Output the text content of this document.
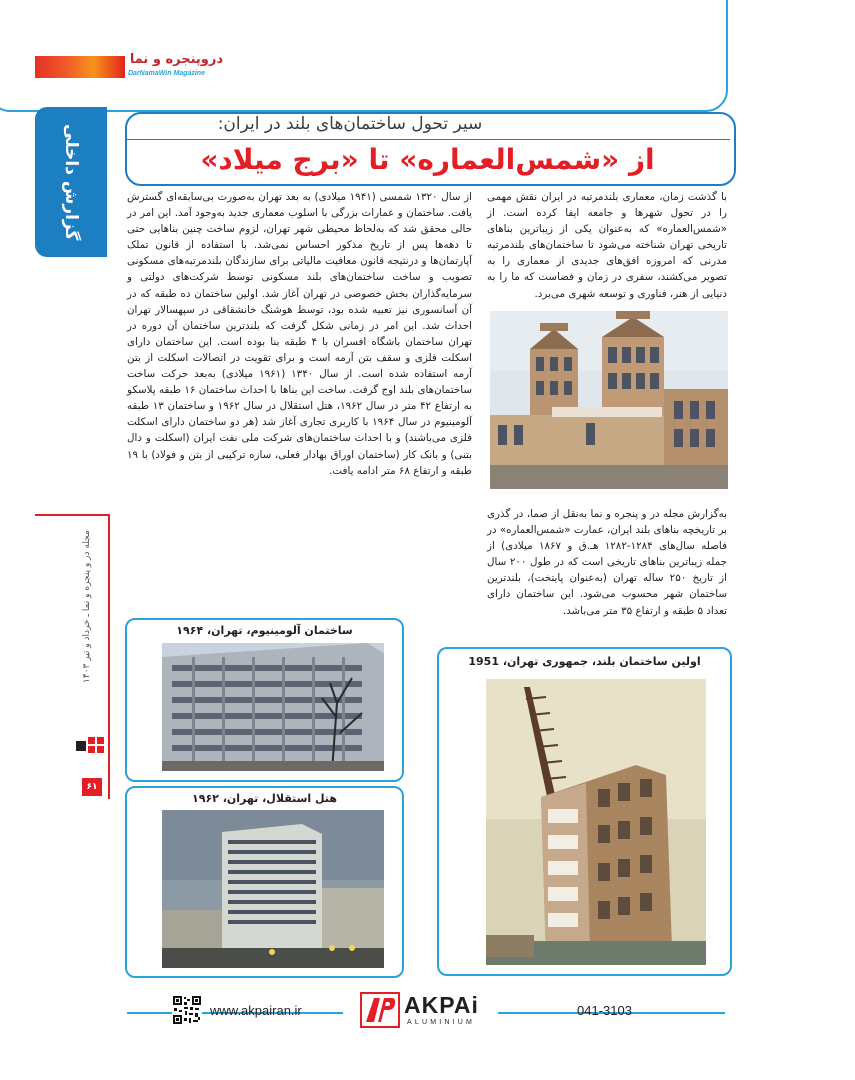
دروپنجره و نما
DarNamaWin Magazine
گزارش داخلی
مجله در و پنجره و نما ـ خرداد و تیر ۱۴۰۳
۶۱
سیر تحول ساختمان‌های بلند در ایران:
از «شمس‌العماره» تا «برج میلاد»
با گذشت زمان، معماری بلندمرتبه در ایران نقش مهمی را در تحول شهرها و جامعه ایفا کرده است. از «شمس‌العماره» که به‌عنوان یکی از زیباترین بناهای تاریخی تهران شناخته می‌شود تا ساختمان‌های بلندمرتبه مدرنی که امروزه افق‌های جدیدی از معماری را به تصویر می‌کشند، سفری در زمان و فضاست که ما را به دنیایی از هنر، فناوری و توسعه شهری می‌برد.
به‌گزارش مجله در و پنجره و نما به‌نقل از صما، در گذری بر تاریخچه بناهای بلند ایران، عمارت «شمس‌العماره» در فاصله سال‌های ۱۲۸۴-۱۲۸۲ هـ.ق و ۱۸۶۷ میلادی) از جمله زیباترین بناهای تاریخی است که در طول ۲۰۰ سال از تاریخ ۲۵۰ ساله تهران (به‌عنوان پایتخت)، بلندترین ساختمان شهر محسوب می‌شود. این ساختمان دارای تعداد ۵ طبقه و ارتفاع ۳۵ متر می‌باشد.
از سال ۱۳۲۰ شمسی (۱۹۴۱ میلادی) به بعد تهران به‌صورت بی‌سابقه‌ای گسترش یافت. ساختمان و عمارات بزرگی با اسلوب معماری جدید به‌وجود آمد. این امر در حالی محقق شد که به‌لحاظ محیطی شهر تهران، لزوم ساخت چنین بناهایی حتی تا دهه‌ها پس از تاریخ مذکور احساس نمی‌شد. با استفاده از قانون تملک آپارتمان‌ها و درنتیجه قانون معافیت مالیاتی برای سازندگان بلندمرتبه‌های مسکونی تصویب و ساخت ساختمان‌های بلند مسکونی توسط شرکت‌های دولتی و سرمایه‌گذاران بخش خصوصی در تهران آغاز شد. اولین ساختمان ده طبقه که در آن آسانسوری نیز تعبیه شده بود، توسط هوشنگ خانشقاقی در سپهسالار تهران احداث شد. این امر در زمانی شکل گرفت که بلندترین ساختمان آن دوره در تهران ساختمان باشگاه افسران با ۴ طبقه بنا بوده است. این ساختمان دارای اسکلت فلزی و سقف بتن آرمه است و برای تقویت در اتصالات اسکلت از بتن آرمه استفاده شده است. از سال ۱۳۴۰ (۱۹۶۱ میلادی) به‌بعد حرکت ساخت ساختمان‌های بلند اوج گرفت. ساخت این بناها با احداث ساختمان ۱۶ طبقه پلاسکو به ارتفاع ۴۲ متر در سال ۱۹۶۲، هتل استقلال در سال ۱۹۶۲ و ساختمان ۱۳ طبقه آلومینیوم در سال ۱۹۶۴ با کاربری تجاری آغاز شد (هر دو ساختمان دارای اسکلت فلزی می‌باشند) و با احداث ساختمان‌های شرکت ملی نفت ایران (اسکلت و دال بتنی) و بانک کار (ساختمان اوراق بهادار فعلی، سازه ترکیبی از بتن و فولاد) با ۱۹ طبقه و ارتفاع ۶۸ متر ادامه یافت.
ساختمان آلومینیوم، تهران، ۱۹۶۴
هتل استقلال، تهران، ۱۹۶۲
اولین ساختمان بلند، جمهوری تهران، 1951
www.akpairan.ir	AKPAi
ALUMINIUM
041-3103
